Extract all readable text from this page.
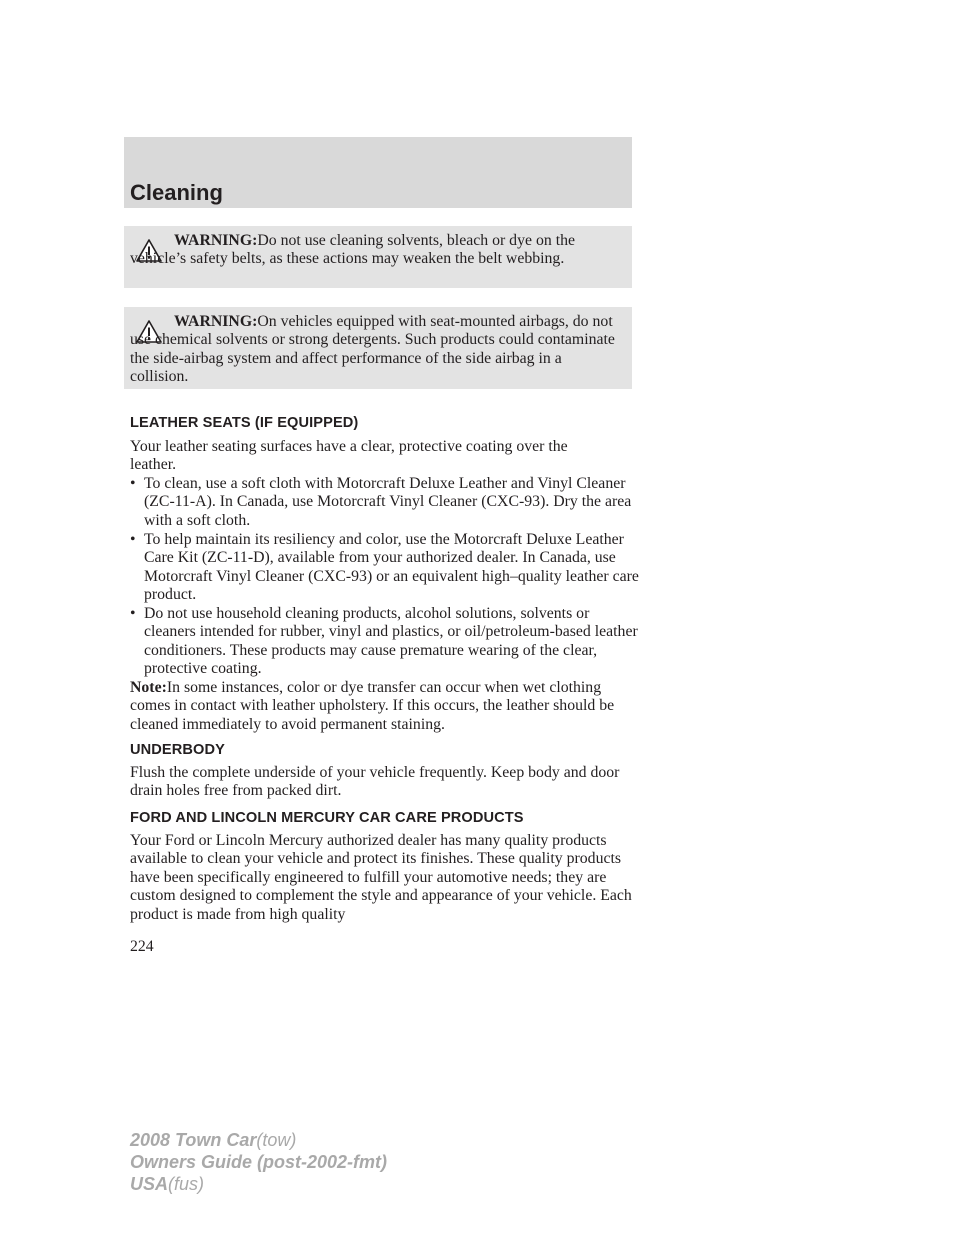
Cleaning
WARNING:Do not use cleaning solvents, bleach or dye on the vehicle’s safety belts, as these actions may weaken the belt webbing.
WARNING:On vehicles equipped with seat-mounted airbags, do not use chemical solvents or strong detergents. Such products could contaminate the side-airbag system and affect performance of the side airbag in a collision.
LEATHER SEATS (IF EQUIPPED)
Your leather seating surfaces have a clear, protective coating over the leather.
• To clean, use a soft cloth with Motorcraft Deluxe Leather and Vinyl Cleaner (ZC-11-A). In Canada, use Motorcraft Vinyl Cleaner (CXC-93). Dry the area with a soft cloth.
• To help maintain its resiliency and color, use the Motorcraft Deluxe Leather Care Kit (ZC-11-D), available from your authorized dealer. In Canada, use Motorcraft Vinyl Cleaner (CXC-93) or an equivalent high–quality leather care product.
• Do not use household cleaning products, alcohol solutions, solvents or cleaners intended for rubber, vinyl and plastics, or oil/petroleum-based leather conditioners. These products may cause premature wearing of the clear, protective coating.
Note:In some instances, color or dye transfer can occur when wet clothing comes in contact with leather upholstery. If this occurs, the leather should be cleaned immediately to avoid permanent staining.
UNDERBODY
Flush the complete underside of your vehicle frequently. Keep body and door drain holes free from packed dirt.
FORD AND LINCOLN MERCURY CAR CARE PRODUCTS
Your Ford or Lincoln Mercury authorized dealer has many quality products available to clean your vehicle and protect its finishes. These quality products have been specifically engineered to fulfill your automotive needs; they are custom designed to complement the style and appearance of your vehicle. Each product is made from high quality
224
2008 Town Car(tow)
Owners Guide (post-2002-fmt)
USA(fus)
